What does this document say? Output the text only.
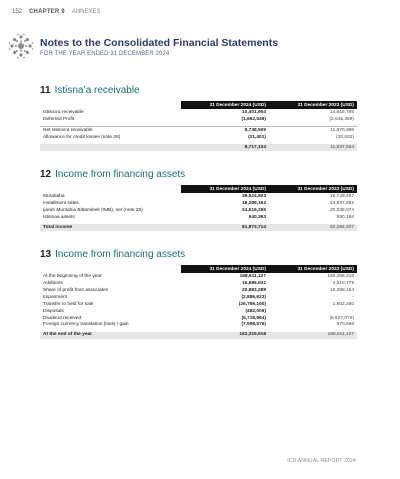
152 CHAPTER 9 ANNEXES
Notes to the Consolidated Financial Statements
FOR THE YEAR ENDED 31 DECEMBER 2024
11 Istisna’a receivable
	31 December 2024 (USD)	31 December 2023 (USD)
Istisna’a receivable	10,401,954	14,515,785
Deferred Profit	(1,662,549)	(2,645,399)

Net Istisna’a receivable	8,738,505	11,870,386
Allowance for credit losses (note 26)	(21,401)	(32,832)

	8,717,104	11,837,554
12 Income from financing assets
	31 December 2024 (USD)	31 December 2023 (USD)
Murabaha	38,524,903	16,728,487
Installment sales	18,289,163	24,937,882
Ijarah Muntahia Bittamleek (IMB), net (note 25)	24,519,255	20,038,074
Istisnaa assets	540,393	590,184

Total income	81,873,714	62,294,407
13 Income from financing assets
	31 December 2024 (USD)	31 December 2023 (USD)
At the beginning of the year	168,611,127	150,465,318
Additions	16,686,931	4,810,779
Share of profit from associates	20,883,289	16,389,154
Impairment	(2,886,623)	-
Transfer to held for sale	(26,769,160)	1,602,260
Disposals	(482,006)	-
Dividend received	(5,718,964)	(5,627,072)
Foreign currency translation (loss) / gain	(7,998,576)	970,688

At the end of the year	162,315,918	168,611,127
ICD ANNUAL REPORT 2024
